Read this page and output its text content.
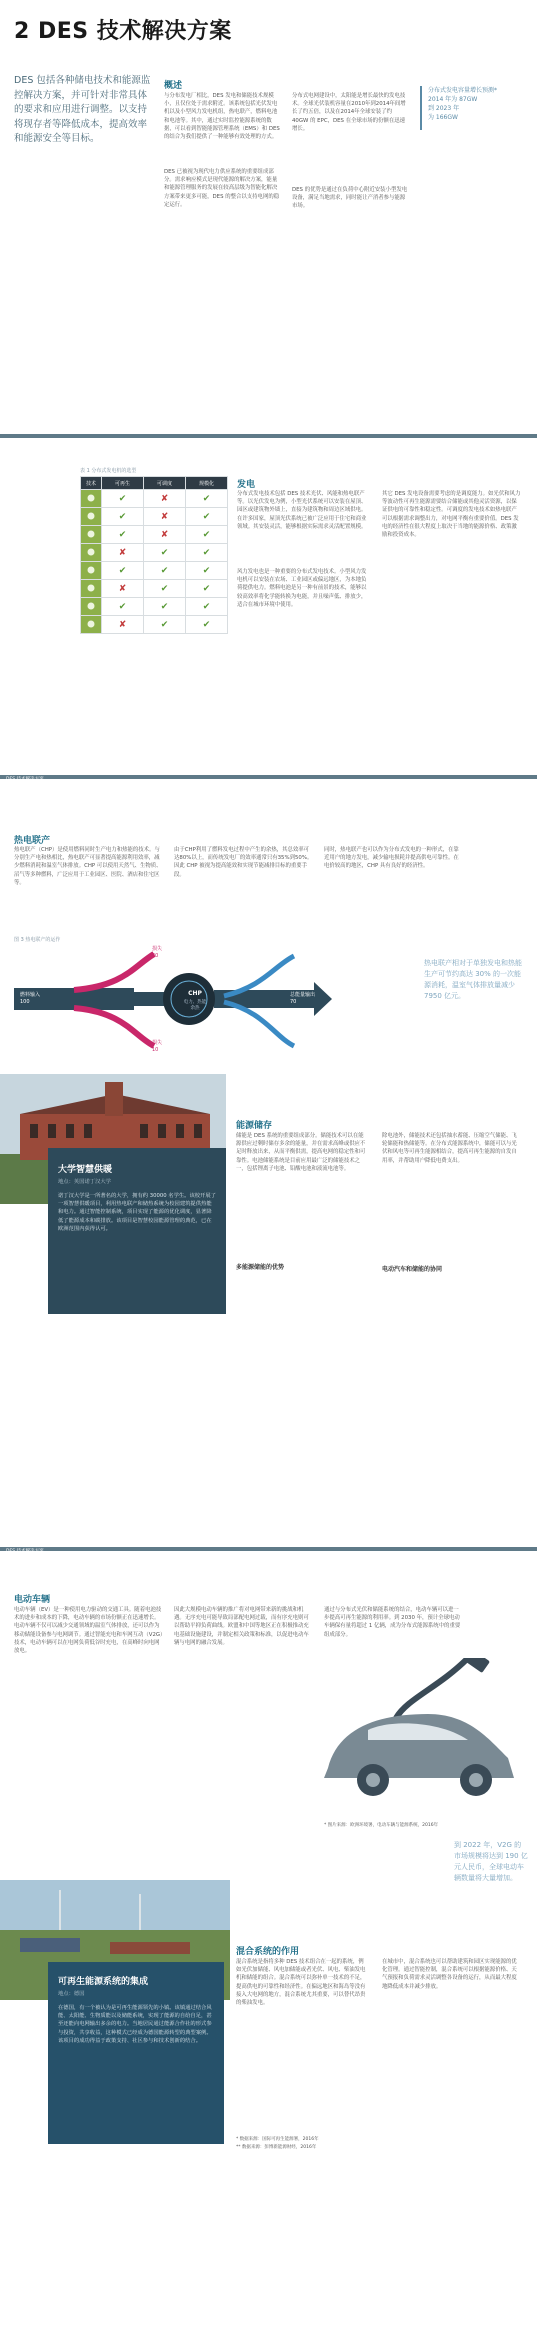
2 DES 技术解决方案
DES 包括各种储电技术和能源监控解决方案，并可针对非常具体的要求和应用进行调整。以支持将现存者等降低成本，提高效率和能源安全等目标。
概述
与分布发电厂相比，DES 发电和储能技术规模小，且仅位处于需求附近。该系统包括光伏发电机以及小型风力发电机组，热电联产，燃料电池和电池等。其中，通过实时监控能源系统的数据，可以看到智能能源管理系统（EMS）和 DES 的结合为我们提供了一种能够有效处理的方式。
DES 已被视为现代电力供应系统的重要组成部分。需求响应模式是现代能源的解决方案，能量和能源管理服务的发展在较高层级为智能化解决方案带来更多可能，DES 的整合以支持电网的稳定运行。
分布式电网建设中，太阳能是增长最快的发电技术。全球光伏装机容量在2010年到2014年间增长了约五倍，以及在2014年全球安装了约 40GW 的 EPC，DES 在全球市场的份额在迅速增长。
DES 的优势是通过在负荷中心附近安装小型发电设备，满足当地需求，同时能让产消者参与能源市场。
分布式发电容量增长预测*
2014 年为 87GW
到 2023 年
为 166GW
表 1 分布式发电机的选型
技术	可再生	可调度	规模化
	✔	✘	✔
	✔	✘	✔
	✔	✘	✔
	✘	✔	✔
	✔	✔	✔
	✘	✔	✔
	✔	✔	✔
	✘	✔	✔
发电
分布式发电技术包括 DES 技术光伏、风能和热电联产等。以光伏发电为例，小型光伏系统可以安装在屋顶、园区或建筑物外墙上，直接为建筑物和周边区域供电。在许多国家，屋顶光伏系统已被广泛应用于住宅和商业领域。其安装灵活，能够根据实际需求灵活配置规模。
风力发电也是一种重要的分布式发电技术。小型风力发电机可以安装在农场、工业园区或偏远地区，为本地负荷提供电力。燃料电池是另一种有前景的技术，能够以较高效率将化学能转换为电能，并且噪声低、排放少，适合在城市环境中使用。
其它 DES 发电设备需要考虑的是调度能力。如光伏和风力等波动性可再生能源需要结合储能或其他灵活资源，以保证供电的可靠性和稳定性。可调度的发电技术如热电联产可以根据需求调整出力，对电网平衡有重要价值。DES 发电的经济性在很大程度上取决于当地的能源价格、政策激励和投资成本。
DES 技术解决方案
热电联产
热电联产（CHP）是使用燃料同时生产电力和热能的技术。与分别生产电和热相比，热电联产可显著提高能源利用效率，减少燃料消耗和温室气体排放。CHP 可以使用天然气、生物质、沼气等多种燃料，广泛应用于工业园区、医院、酒店和住宅区等。
由于CHP利用了燃料发电过程中产生的余热，其总效率可达80%以上，而传统发电厂的效率通常只有35%到50%。因此 CHP 被视为提高能效和实现节能减排目标的重要手段。
同时，热电联产也可以作为分布式发电的一种形式，在靠近用户的地方发电，减少输电损耗并提高供电可靠性。在电价较高的地区，CHP 具有良好的经济性。
图 3 热电联产的运作
燃料输入
100
损失
20
损失
10
CHP
电力、热能
余热
总能量输出
70
热电联产相对于单独发电和热能生产可节约高达 30% 的一次能源消耗，温室气体排放量减少 7950 亿元。
大学智慧供暖
地点：英国诺丁汉大学
诺丁汉大学是一所著名的大学，拥有约 30000 名学生。该校开展了一项智慧供暖项目，利用热电联产和储热系统为校园建筑提供热能和电力。通过智能控制系统，项目实现了能源的优化调度，显著降低了能源成本和碳排放。该项目是智慧校园能源管理的典范，已在欧洲范围内获得认可。
能源储存
储能是 DES 系统的重要组成部分。储能技术可以在能源供应过剩时储存多余的能量，并在需求高峰或供应不足时释放出来，从而平衡供需，提高电网的稳定性和可靠性。电池储能系统是目前应用最广泛的储能技术之一，包括锂离子电池、铅酸电池和液流电池等。
多能源储能的优势
除电池外，储能技术还包括抽水蓄能、压缩空气储能、飞轮储能和热储能等。在分布式能源系统中，储能可以与光伏和风电等可再生能源相结合，提高可再生能源的自发自用率，并帮助用户降低电费支出。
电动汽车和储能的协同
DES 技术解决方案
电动车辆
电动车辆（EV）是一种使用电力驱动的交通工具。随着电池技术的进步和成本的下降，电动车辆的市场份额正在迅速增长。电动车辆不仅可以减少交通领域的温室气体排放，还可以作为移动储能设备参与电网调节。通过智能充电和车网互动（V2G）技术，电动车辆可以在电网负荷低谷时充电，在高峰时向电网放电。
因此大规模电动车辆的推广将对电网带来新的挑战和机遇。无序充电可能导致局部配电网过载，而有序充电则可以帮助平抑负荷曲线。欧盟和中国等地区正在积极推动充电基础设施建设，并制定相关政策和标准，以促进电动车辆与电网的融合发展。
通过与分布式光伏和储能系统的结合，电动车辆可以进一步提高可再生能源的利用率。到 2030 年，预计全球电动车辆保有量将超过 1 亿辆，成为分布式能源系统中的重要组成部分。
* 图片来源：欧洲环境署，电动车辆与能源系统，2016年
到 2022 年，V2G 的市场规模将达到 190 亿元人民币，全球电动车辆数量将大量增加。
可再生能源系统的集成
地点：德国
在德国，有一个被认为是可再生能源领先的小镇。该镇通过结合风能、太阳能、生物质能以及储能系统，实现了能源的自给自足，甚至还能向电网输出多余的电力。当地居民通过能源合作社的形式参与投资，共享收益，这种模式已经成为德国能源转型的典型案例。该项目的成功得益于政策支持、社区参与和技术创新的结合。
混合系统的作用
混合系统是指将多种 DES 技术组合在一起的系统，例如光伏加储能、风电加储能或者光伏、风电、柴油发电机和储能的组合。混合系统可以弥补单一技术的不足，提高供电的可靠性和经济性。在偏远地区和海岛等没有接入大电网的地方，混合系统尤其重要，可以替代昂贵的柴油发电。
在城市中，混合系统也可以帮助建筑和园区实现能源的优化管理。通过智能控制，混合系统可以根据能源价格、天气预报和负荷需求灵活调整各设备的运行，从而最大程度地降低成本并减少排放。
* 数据来源：国际可再生能源署，2016年
** 数据来源：彭博新能源财经，2016年
